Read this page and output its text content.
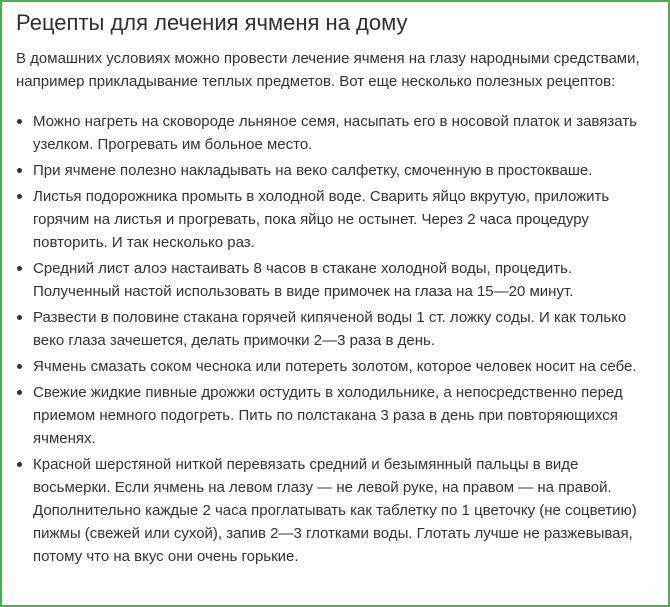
Рецепты для лечения ячменя на дому

В домашних условиях можно провести лечение ячменя на глазу народными средствами, например прикладывание теплых предметов. Вот еще несколько полезных рецептов:

Можно нагреть на сковороде льняное семя, насыпать его в носовой платок и завязать узелком. Прогревать им больное место.
При ячмене полезно накладывать на веко салфетку, смоченную в простокваше.
Листья подорожника промыть в холодной воде. Сварить яйцо вкрутую, приложить горячим на листья и прогревать, пока яйцо не остынет. Через 2 часа процедуру повторить. И так несколько раз.
Средний лист алоэ настаивать 8 часов в стакане холодной воды, процедить. Полученный настой использовать в виде примочек на глаза на 15—20 минут.
Развести в половине стакана горячей кипяченой воды 1 ст. ложку соды. И как только веко глаза зачешется, делать примочки 2—3 раза в день.
Ячмень смазать соком чеснока или потереть золотом, которое человек носит на себе.
Свежие жидкие пивные дрожжи остудить в холодильнике, а непосредственно перед приемом немного подогреть. Пить по полстакана 3 раза в день при повторяющихся ячменях.
Красной шерстяной ниткой перевязать средний и безымянный пальцы в виде восьмерки. Если ячмень на левом глазу — не левой руке, на правом — на правой. Дополнительно каждые 2 часа проглатывать как таблетку по 1 цветочку (не соцветию) пижмы (свежей или сухой), запив 2—3 глотками воды. Глотать лучше не разжевывая, потому что на вкус они очень горькие.
